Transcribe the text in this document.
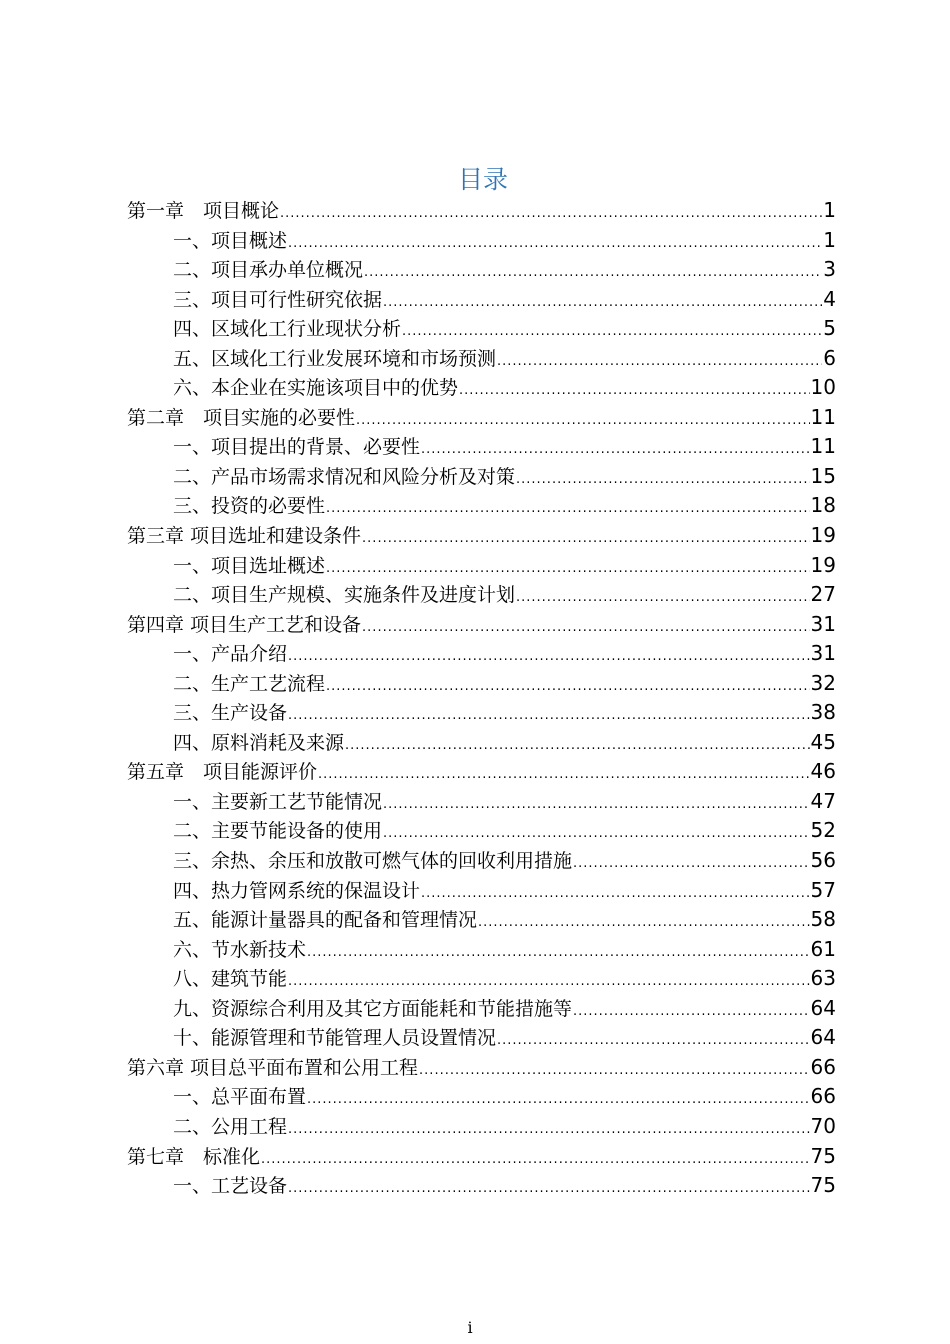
目录
第一章　项目概论 .....	1
一、项目概述 .....	1
二、项目承办单位概况 .....	3
三、项目可行性研究依据 .....	4
四、区域化工行业现状分析 .....	5
五、区域化工行业发展环境和市场预测 .....	6
六、本企业在实施该项目中的优势 .....	10
第二章　项目实施的必要性 .....	11
一、项目提出的背景、必要性 .....	11
二、产品市场需求情况和风险分析及对策 .....	15
三、投资的必要性 .....	18
第三章 项目选址和建设条件 .....	19
一、项目选址概述 .....	19
二、项目生产规模、实施条件及进度计划 .....	27
第四章 项目生产工艺和设备 .....	31
一、产品介绍 .....	31
二、生产工艺流程 .....	32
三、生产设备 .....	38
四、原料消耗及来源 .....	45
第五章　项目能源评价 .....	46
一、主要新工艺节能情况 .....	47
二、主要节能设备的使用 .....	52
三、余热、余压和放散可燃气体的回收利用措施 .....	56
四、热力管网系统的保温设计 .....	57
五、能源计量器具的配备和管理情况 .....	58
六、节水新技术 .....	61
八、建筑节能 .....	63
九、资源综合利用及其它方面能耗和节能措施等 .....	64
十、能源管理和节能管理人员设置情况 .....	64
第六章 项目总平面布置和公用工程 .....	66
一、总平面布置 .....	66
二、公用工程 .....	70
第七章　标准化 .....	75
一、工艺设备 .....	75
i
